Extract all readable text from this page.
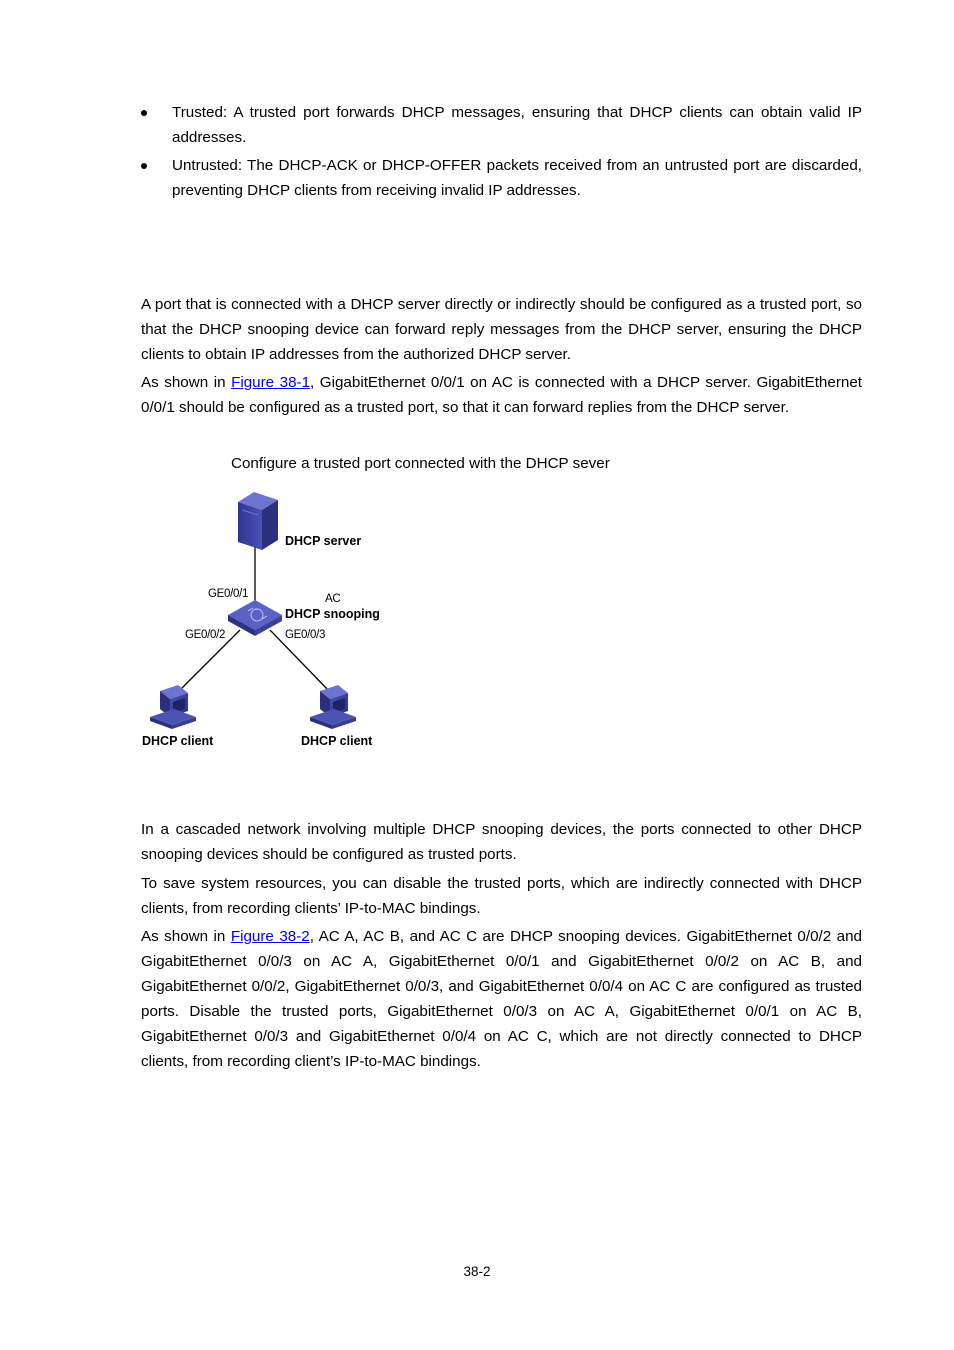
Trusted: A trusted port forwards DHCP messages, ensuring that DHCP clients can obtain valid IP addresses.

Untrusted: The DHCP-ACK or DHCP-OFFER packets received from an untrusted port are discarded, preventing DHCP clients from receiving invalid IP addresses.

A port that is connected with a DHCP server directly or indirectly should be configured as a trusted port, so that the DHCP snooping device can forward reply messages from the DHCP server, ensuring the DHCP clients to obtain IP addresses from the authorized DHCP server.

As shown in Figure 38-1, GigabitEthernet 0/0/1 on AC is connected with a DHCP server. GigabitEthernet 0/0/1 should be configured as a trusted port, so that it can forward replies from the DHCP server.

Configure a trusted port connected with the DHCP sever
DHCP server
AC
DHCP snooping
GE0/0/1
GE0/0/2	GE0/0/3
DHCP client	DHCP client

In a cascaded network involving multiple DHCP snooping devices, the ports connected to other DHCP snooping devices should be configured as trusted ports.

To save system resources, you can disable the trusted ports, which are indirectly connected with DHCP clients, from recording clients’ IP-to-MAC bindings.

As shown in Figure 38-2, AC A, AC B, and AC C are DHCP snooping devices. GigabitEthernet 0/0/2 and GigabitEthernet 0/0/3 on AC A, GigabitEthernet 0/0/1 and GigabitEthernet 0/0/2 on AC B, and GigabitEthernet 0/0/2, GigabitEthernet 0/0/3, and GigabitEthernet 0/0/4 on AC C are configured as trusted ports. Disable the trusted ports, GigabitEthernet 0/0/3 on AC A, GigabitEthernet 0/0/1 on AC B, GigabitEthernet 0/0/3 and GigabitEthernet 0/0/4 on AC C, which are not directly connected to DHCP clients, from recording client’s IP-to-MAC bindings.

38-2
